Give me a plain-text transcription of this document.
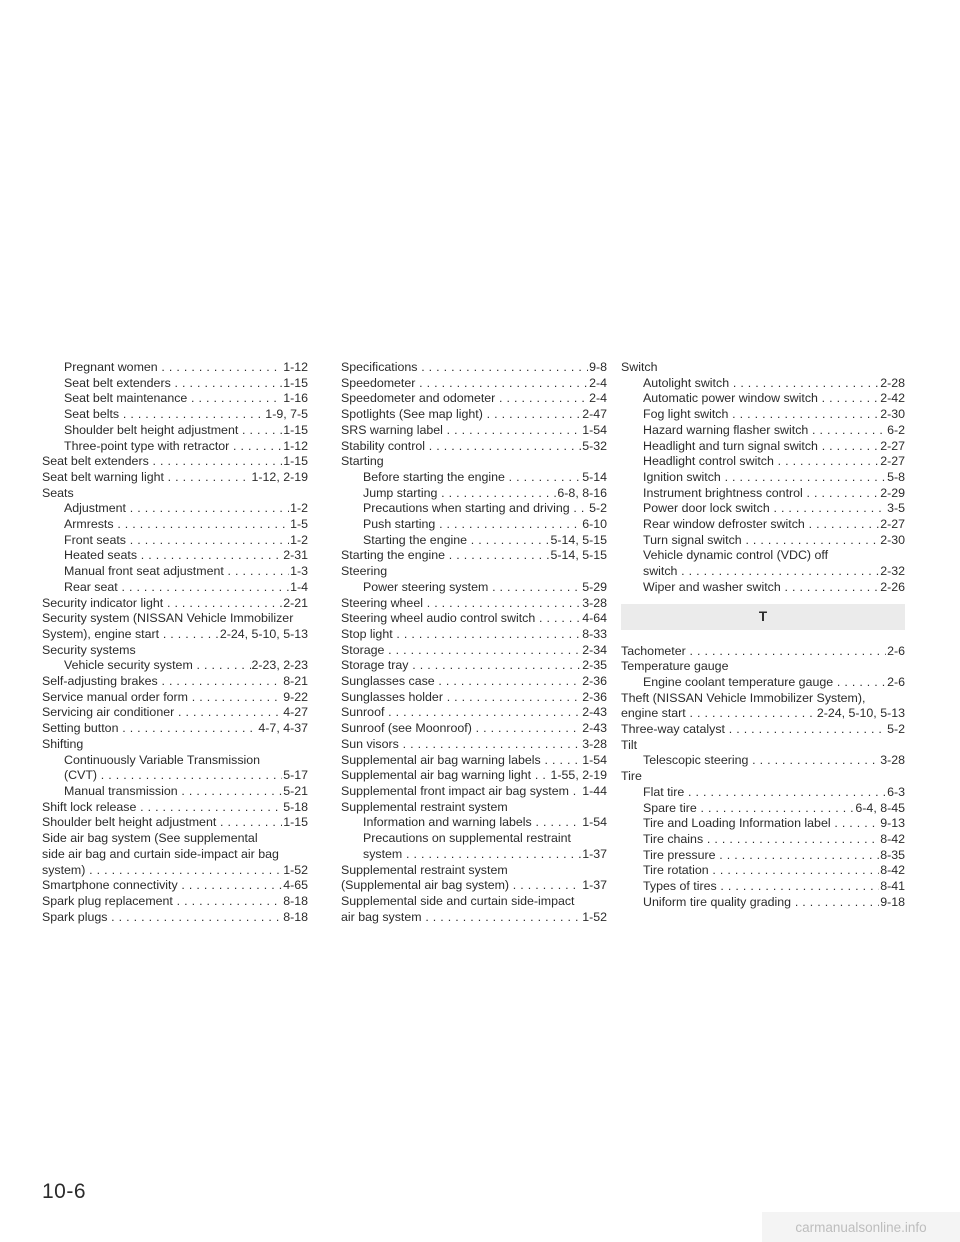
Pregnant women . . .	1-12
Seat belt extenders . . .	1-15
Seat belt maintenance . . .	1-16
Seat belts . . .	1-9, 7-5
Shoulder belt height adjustment . . .	1-15
Three-point type with retractor . . .	1-12
Seat belt extenders . . .	1-15
Seat belt warning light . . .	1-12, 2-19
Seats
Adjustment . . .	1-2
Armrests . . .	1-5
Front seats . . .	1-2
Heated seats . . .	2-31
Manual front seat adjustment . . .	1-3
Rear seat . . .	1-4
Security indicator light . . .	2-21
Security system (NISSAN Vehicle Immobilizer
System), engine start . . .	2-24, 5-10, 5-13
Security systems
Vehicle security system . . .	2-23, 2-23
Self-adjusting brakes . . .	8-21
Service manual order form . . .	9-22
Servicing air conditioner . . .	4-27
Setting button . . .	4-7, 4-37
Shifting
Continuously Variable Transmission
(CVT) . . .	5-17
Manual transmission . . .	5-21
Shift lock release . . .	5-18
Shoulder belt height adjustment . . .	1-15
Side air bag system (See supplemental
side air bag and curtain side-impact air bag
system) . . .	1-52
Smartphone connectivity . . .	4-65
Spark plug replacement . . .	8-18
Spark plugs . . .	8-18
Specifications . . .	9-8
Speedometer . . .	2-4
Speedometer and odometer . . .	2-4
Spotlights (See map light) . . .	2-47
SRS warning label . . .	1-54
Stability control . . .	5-32
Starting
Before starting the engine . . .	5-14
Jump starting . . .	6-8, 8-16
Precautions when starting and driving . . .	5-2
Push starting . . .	6-10
Starting the engine . . .	5-14, 5-15
Starting the engine . . .	5-14, 5-15
Steering
Power steering system . . .	5-29
Steering wheel . . .	3-28
Steering wheel audio control switch . . .	4-64
Stop light . . .	8-33
Storage . . .	2-34
Storage tray . . .	2-35
Sunglasses case . . .	2-36
Sunglasses holder . . .	2-36
Sunroof . . .	2-43
Sunroof (see Moonroof) . . .	2-43
Sun visors . . .	3-28
Supplemental air bag warning labels . . .	1-54
Supplemental air bag warning light . . .	1-55, 2-19
Supplemental front impact air bag system . . .	1-44
Supplemental restraint system
Information and warning labels . . .	1-54
Precautions on supplemental restraint
system . . .	1-37
Supplemental restraint system
(Supplemental air bag system) . . .	1-37
Supplemental side and curtain side-impact
air bag system . . .	1-52
Switch
Autolight switch . . .	2-28
Automatic power window switch . . .	2-42
Fog light switch . . .	2-30
Hazard warning flasher switch . . .	6-2
Headlight and turn signal switch . . .	2-27
Headlight control switch . . .	2-27
Ignition switch . . .	5-8
Instrument brightness control . . .	2-29
Power door lock switch . . .	3-5
Rear window defroster switch . . .	2-27
Turn signal switch . . .	2-30
Vehicle dynamic control (VDC) off
switch . . .	2-32
Wiper and washer switch . . .	2-26
T
Tachometer . . .	2-6
Temperature gauge
Engine coolant temperature gauge . . .	2-6
Theft (NISSAN Vehicle Immobilizer System),
engine start . . .	2-24, 5-10, 5-13
Three-way catalyst . . .	5-2
Tilt
Telescopic steering . . .	3-28
Tire
Flat tire . . .	6-3
Spare tire . . .	6-4, 8-45
Tire and Loading Information label . . .	9-13
Tire chains . . .	8-42
Tire pressure . . .	8-35
Tire rotation . . .	8-42
Types of tires . . .	8-41
Uniform tire quality grading . . .	9-18
10-6
carmanualsonline.info
